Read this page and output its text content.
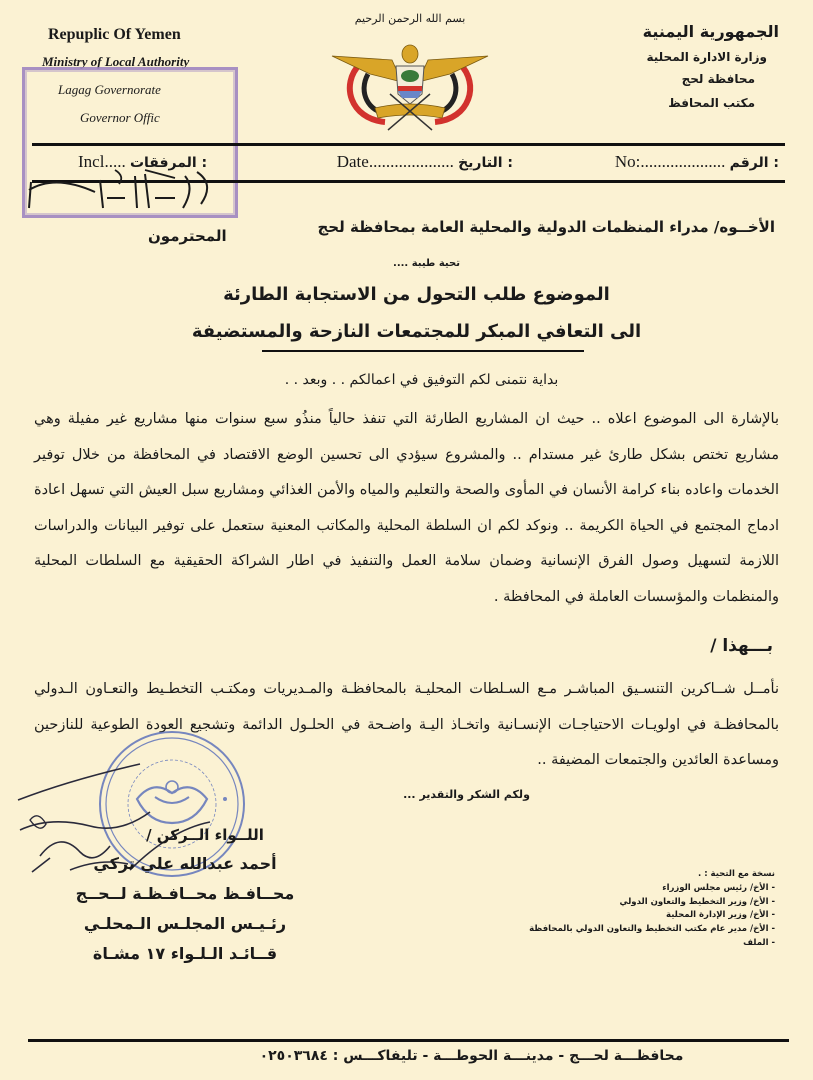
Repuplic Of Yemen
Ministry of Local Authority
Lagag Governorate
Governor Offic
الجمهورية اليمنية
وزارة الادارة المحلية
محافظة لحج
مكتب المحافظ
بسم الله الرحمن الرحيم
No:.................... الرقم :
Date.................... التاريخ :
Incl..... المرفقات :
الأخــوه/ مدراء المنظمات الدولية والمحلية العامة بمحافظة لحج
المحترمون
تحية طيبة ....
الموضوع طلب التحول من الاستجابة الطارئة
الى التعافي المبكر للمجتمعات النازحة والمستضيفة
بداية نتمنى لكم التوفيق في اعمالكم . . وبعد . .
بالإشارة الى الموضوع اعلاه .. حيث ان المشاريع الطارئة التي تنفذ حالياً منذُو سبع سنوات منها مشاريع غير مفيلة وهي مشاريع تختص بشكل طارئ غير مستدام .. والمشروع سيؤدي الى تحسين الوضع الاقتصاد في المحافظة من خلال توفير الخدمات واعاده بناء كرامة الأنسان في المأوى والصحة والتعليم والمياه والأمن الغذائي ومشاريع سبل العيش التي تسهل اعادة ادماج المجتمع في الحياة الكريمة .. ونوكد لكم ان السلطة المحلية والمكاتب المعنية ستعمل على توفير البيانات والدراسات اللازمة لتسهيل وصول الفرق الإنسانية وضمان سلامة العمل والتنفيذ في اطار الشراكة الحقيقية مع السلطات المحلية والمنظمات والمؤسسات العاملة في المحافظة .
بـــهذا /
نأمــل شــاكرين التنسـيق المباشـر مـع السـلطات المحليـة بالمحافظـة والمـديريات ومكتـب التخطـيط والتعـاون الـدولي بالمحافظـة في اولويـات الاحتياجـات الإنسـانية واتخـاذ اليـة واضـحة في الحلـول الدائمة وتشجيع العودة الطوعية للنازحين ومساعدة العائدين والجتمعات المضيفة ..
ولكم الشكر والتقدير ...
اللــواء الــركن /
أحمد عبدالله علي تركي
محــافـظ محــافـظـة لــحــج
رئـيـس المجلـس الـمحلـي
قــائـد الـلـواء ١٧ مشـاة
نسخة مع التحية : .
- الأخ/ رئيس مجلس الوزراء
- الأخ/ وزير التخطيط والتعاون الدولي
- الأخ/ وزير الإدارة المحلية
- الأخ/ مدير عام مكتب التخطيط والتعاون الدولي بالمحافظة
- الملف
محافظـــة لحـــج - مدينـــة الحوطـــة - تليفاكـــس : ٠٢٥٠٣٦٨٤
